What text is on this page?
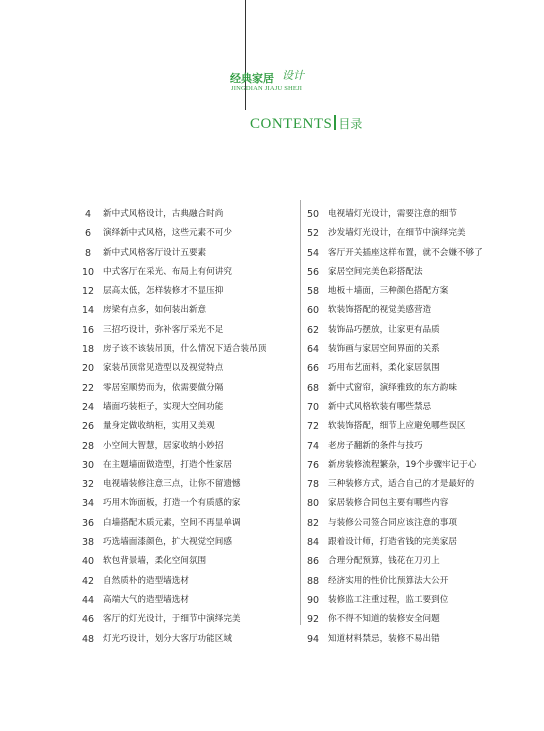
经典家居 设计
JINGDIAN JIAJU SHEJI
CONTENTS 目录
4	新中式风格设计，古典融合时尚
6	演绎新中式风格，这些元素不可少
8	新中式风格客厅设计五要素
10	中式客厅在采光、布局上有何讲究
12	层高太低，怎样装修才不显压抑
14	房梁有点多，如何装出新意
16	三招巧设计，弥补客厅采光不足
18	房子该不该装吊顶，什么情况下适合装吊顶
20	家装吊顶常见造型以及视觉特点
22	零居室顺势而为，依需要做分隔
24	墙面巧装柜子，实现大空间功能
26	量身定做收纳柜，实用又美观
28	小空间大智慧，居家收纳小妙招
30	在主题墙面做造型，打造个性家居
32	电视墙装修注意三点，让你不留遗憾
34	巧用木饰面板，打造一个有质感的家
36	白墙搭配木质元素，空间不再显单调
38	巧选墙面漆颜色，扩大视觉空间感
40	软包背景墙，柔化空间氛围
42	自然质朴的造型墙选材
44	高端大气的造型墙选材
46	客厅的灯光设计，于细节中演绎完美
48	灯光巧设计，划分大客厅功能区域
50	电视墙灯光设计，需要注意的细节
52	沙发墙灯光设计，在细节中演绎完美
54	客厅开关插座这样布置，就不会嫌不够了
56	家居空间完美色彩搭配法
58	地板＋墙面，三种颜色搭配方案
60	软装饰搭配的视觉美感营造
62	装饰品巧摆放，让家更有品质
64	装饰画与家居空间界面的关系
66	巧用布艺面料，柔化家居氛围
68	新中式窗帘，演绎雅致的东方韵味
70	新中式风格软装有哪些禁忌
72	软装饰搭配，细节上应避免哪些误区
74	老房子翻新的条件与技巧
76	新房装修流程繁杂，19个步骤牢记于心
78	三种装修方式，适合自己的才是最好的
80	家居装修合同包主要有哪些内容
82	与装修公司签合同应该注意的事项
84	跟着设计师，打造省钱的完美家居
86	合理分配预算，钱花在刀刃上
88	经济实用的性价比预算法大公开
90	装修监工注重过程，监工要到位
92	你不得不知道的装修安全问题
94	知道材料禁忌，装修不易出错
